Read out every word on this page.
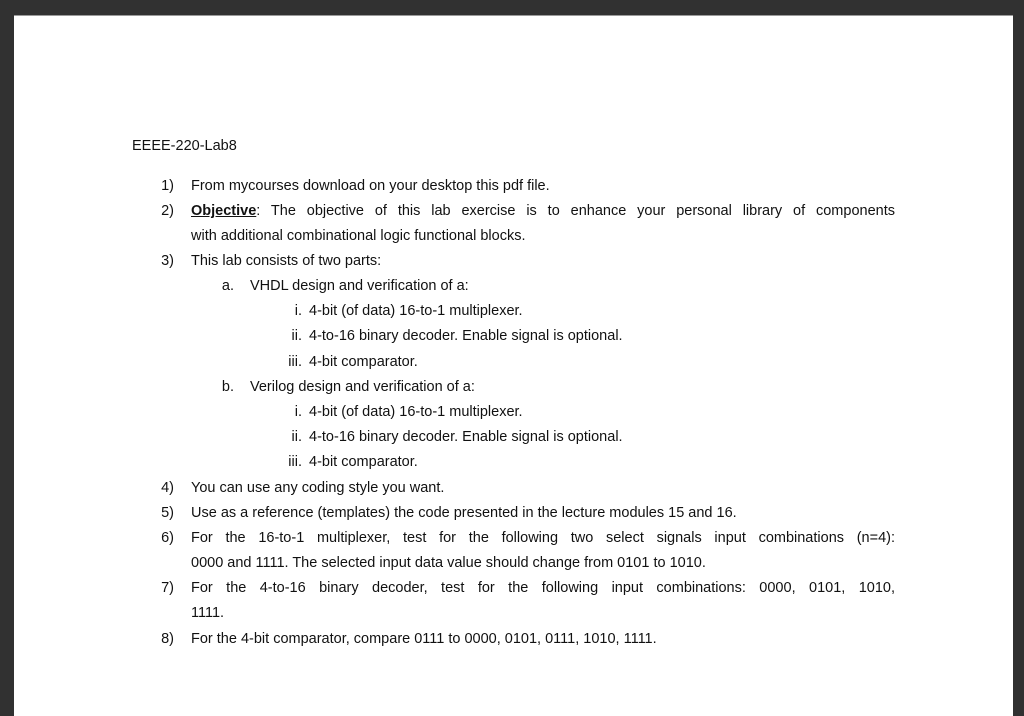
EEEE-220-Lab8
1) From mycourses download on your desktop this pdf file.
2) Objective: The objective of this lab exercise is to enhance your personal library of components
with additional combinational logic functional blocks.
3) This lab consists of two parts:
a. VHDL design and verification of a:
i. 4-bit (of data) 16-to-1 multiplexer.
ii. 4-to-16 binary decoder. Enable signal is optional.
iii. 4-bit comparator.
b. Verilog design and verification of a:
i. 4-bit (of data) 16-to-1 multiplexer.
ii. 4-to-16 binary decoder. Enable signal is optional.
iii. 4-bit comparator.
4) You can use any coding style you want.
5) Use as a reference (templates) the code presented in the lecture modules 15 and 16.
6) For the 16-to-1 multiplexer, test for the following two select signals input combinations (n=4):
0000 and 1111. The selected input data value should change from 0101 to 1010.
7) For the 4-to-16 binary decoder, test for the following input combinations: 0000, 0101, 1010,
1111.
8) For the 4-bit comparator, compare 0111 to 0000, 0101, 0111, 1010, 1111.
